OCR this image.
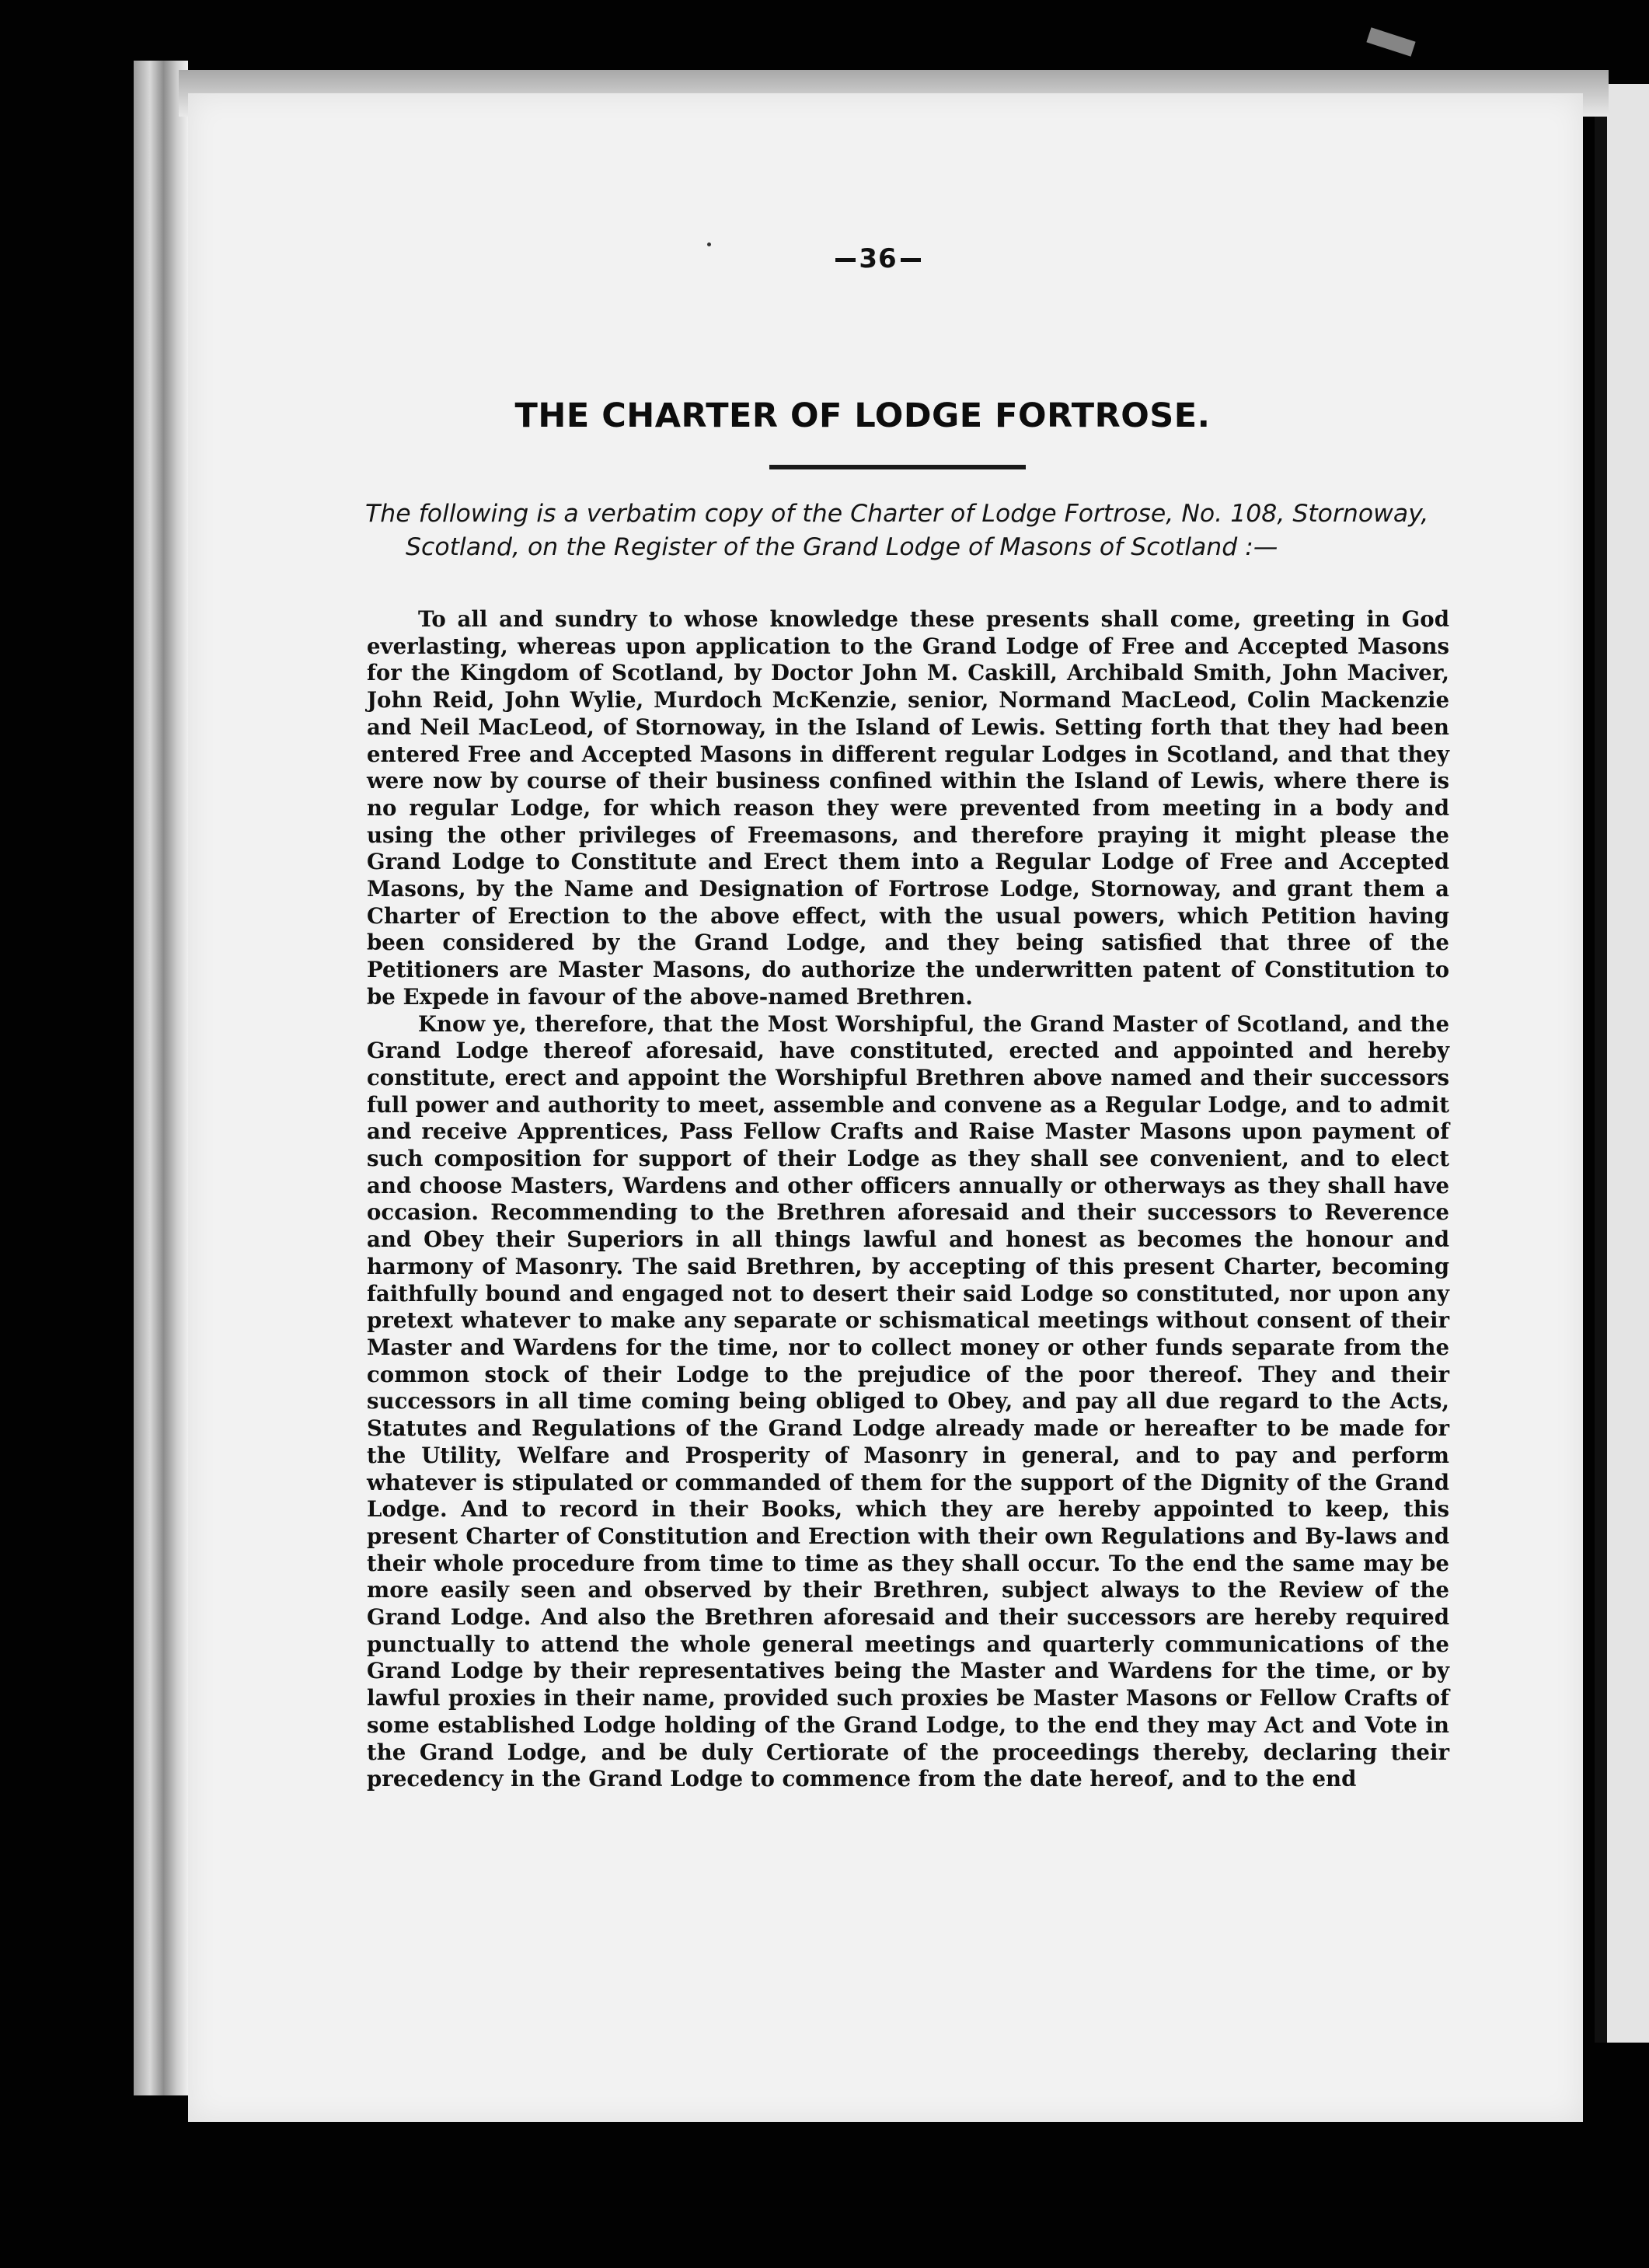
36
THE CHARTER OF LODGE FORTROSE.

The following is a verbatim copy of the Charter of Lodge Fortrose, No. 108, Stornoway, Scotland, on the Register of the Grand Lodge of Masons of Scotland :—

To all and sundry to whose knowledge these presents shall come, greeting in God everlasting, whereas upon application to the Grand Lodge of Free and Accepted Masons for the Kingdom of Scotland, by Doctor John M. Caskill, Archibald Smith, John Maciver, John Reid, John Wylie, Murdoch McKenzie, senior, Normand MacLeod, Colin Mackenzie and Neil MacLeod, of Stornoway, in the Island of Lewis. Setting forth that they had been entered Free and Accepted Masons in different regular Lodges in Scotland, and that they were now by course of their business confined within the Island of Lewis, where there is no regular Lodge, for which reason they were prevented from meeting in a body and using the other privileges of Freemasons, and therefore praying it might please the Grand Lodge to Constitute and Erect them into a Regular Lodge of Free and Accepted Masons, by the Name and Designation of Fortrose Lodge, Stornoway, and grant them a Charter of Erection to the above effect, with the usual powers, which Petition having been considered by the Grand Lodge, and they being satisfied that three of the Petitioners are Master Masons, do authorize the underwritten patent of Constitution to be Expede in favour of the above-named Brethren.

Know ye, therefore, that the Most Worshipful, the Grand Master of Scotland, and the Grand Lodge thereof aforesaid, have constituted, erected and appointed and hereby constitute, erect and appoint the Worshipful Brethren above named and their successors full power and authority to meet, assemble and convene as a Regular Lodge, and to admit and receive Apprentices, Pass Fellow Crafts and Raise Master Masons upon payment of such composition for support of their Lodge as they shall see convenient, and to elect and choose Masters, Wardens and other officers annually or otherways as they shall have occasion. Recommending to the Brethren aforesaid and their successors to Reverence and Obey their Superiors in all things lawful and honest as becomes the honour and harmony of Masonry. The said Brethren, by accepting of this present Charter, becoming faithfully bound and engaged not to desert their said Lodge so constituted, nor upon any pretext whatever to make any separate or schismatical meetings without consent of their Master and Wardens for the time, nor to collect money or other funds separate from the common stock of their Lodge to the prejudice of the poor thereof. They and their successors in all time coming being obliged to Obey, and pay all due regard to the Acts, Statutes and Regulations of the Grand Lodge already made or hereafter to be made for the Utility, Welfare and Prosperity of Masonry in general, and to pay and perform whatever is stipulated or commanded of them for the support of the Dignity of the Grand Lodge. And to record in their Books, which they are hereby appointed to keep, this present Charter of Constitution and Erection with their own Regulations and By-laws and their whole procedure from time to time as they shall occur. To the end the same may be more easily seen and observed by their Brethren, subject always to the Review of the Grand Lodge. And also the Brethren aforesaid and their successors are hereby required punctually to attend the whole general meetings and quarterly communications of the Grand Lodge by their representatives being the Master and Wardens for the time, or by lawful proxies in their name, provided such proxies be Master Masons or Fellow Crafts of some established Lodge holding of the Grand Lodge, to the end they may Act and Vote in the Grand Lodge, and be duly Certiorate of the proceedings thereby, declaring their precedency in the Grand Lodge to commence from the date hereof, and to the end
